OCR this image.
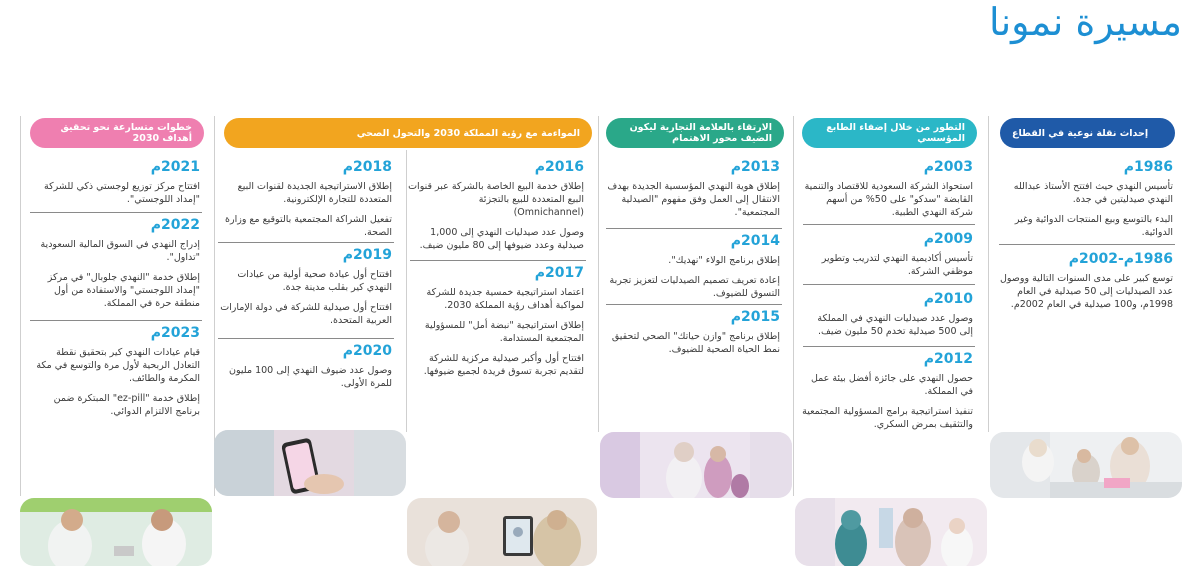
مسيرة نمونا
إحداث نقلة نوعية في القطاع
1986م
تأسيس النهدي حيث افتتح الأستاذ عبدالله النهدي صيدليتين في جدة.
البدء بالتوسع وبيع المنتجات الدوائية وغير الدوائية.
1986م-2002م
توسع كبير على مدى السنوات التالية ووصول عدد الصيدليات إلى 50 صيدلية في العام 1998م، و100 صيدلية في العام 2002م.
التطور من خلال إضفاء الطابع المؤسسي
2003م
استحواذ الشركة السعودية للاقتصاد والتنمية القابضة "سدكو" على 50% من أسهم شركة النهدي الطبية.
2009م
تأسيس أكاديمية النهدي لتدريب وتطوير موظفي الشركة.
2010م
وصول عدد صيدليات النهدي في المملكة إلى 500 صيدلية تخدم 50 مليون ضيف.
2012م
حصول النهدي على جائزة أفضل بيئة عمل في المملكة.
تنفيذ استراتيجية برامج المسؤولية المجتمعية والتثقيف بمرض السكري.
الارتقاء بالعلامة التجارية ليكون الضيف محور الاهتمام
2013م
إطلاق هوية النهدي المؤسسية الجديدة بهدف الانتقال إلى العمل وفق مفهوم "الصيدلية المجتمعية".
2014م
إطلاق برنامج الولاء "نهديك".
إعادة تعريف تصميم الصيدليات لتعزيز تجربة التسوق للضيوف.
2015م
إطلاق برنامج "وازن حياتك" الصحي لتحقيق نمط الحياة الصحية للضيوف.
المواءمة مع رؤية المملكة 2030 والتحول الصحي
2016م
إطلاق خدمة البيع الخاصة بالشركة عبر قنوات البيع المتعددة للبيع بالتجزئة (Omnichannel)
وصول عدد صيدليات النهدي إلى 1,000 صيدلية وعدد ضيوفها إلى 80 مليون ضيف.
2017م
اعتماد استراتيجية خمسية جديدة للشركة لمواكبة أهداف رؤية المملكة 2030.
إطلاق استراتيجية "نبضة أمل" للمسؤولية المجتمعية المستدامة.
افتتاح أول وأكبر صيدلية مركزية للشركة لتقديم تجربة تسوق فريدة لجميع ضيوفها.
2018م
إطلاق الاستراتيجية الجديدة لقنوات البيع المتعددة للتجارة الإلكترونية.
تفعيل الشراكة المجتمعية بالتوقيع مع وزارة الصحة.
2019م
افتتاح أول عيادة صحية أولية من عيادات النهدي كير بقلب مدينة جدة.
افتتاح أول صيدلية للشركة في دولة الإمارات العربية المتحدة.
2020م
وصول عدد ضيوف النهدي إلى 100 مليون للمرة الأولى.
خطوات متسارعة نحو تحقيق أهداف 2030
2021م
افتتاح مركز توزيع لوجستي ذكي للشركة "إمداد اللوجستي".
2022م
إدراج النهدي في السوق المالية السعودية "تداول".
إطلاق خدمة "النهدي جلوبال" في مركز "إمداد اللوجستي" والاستفادة من أول منطقة حرة في المملكة.
2023م
قيام عيادات النهدي كير بتحقيق نقطة التعادل الربحية لأول مرة والتوسع في مكة المكرمة والطائف.
إطلاق خدمة "ez-pill" المبتكرة ضمن برنامج الالتزام الدوائي.
